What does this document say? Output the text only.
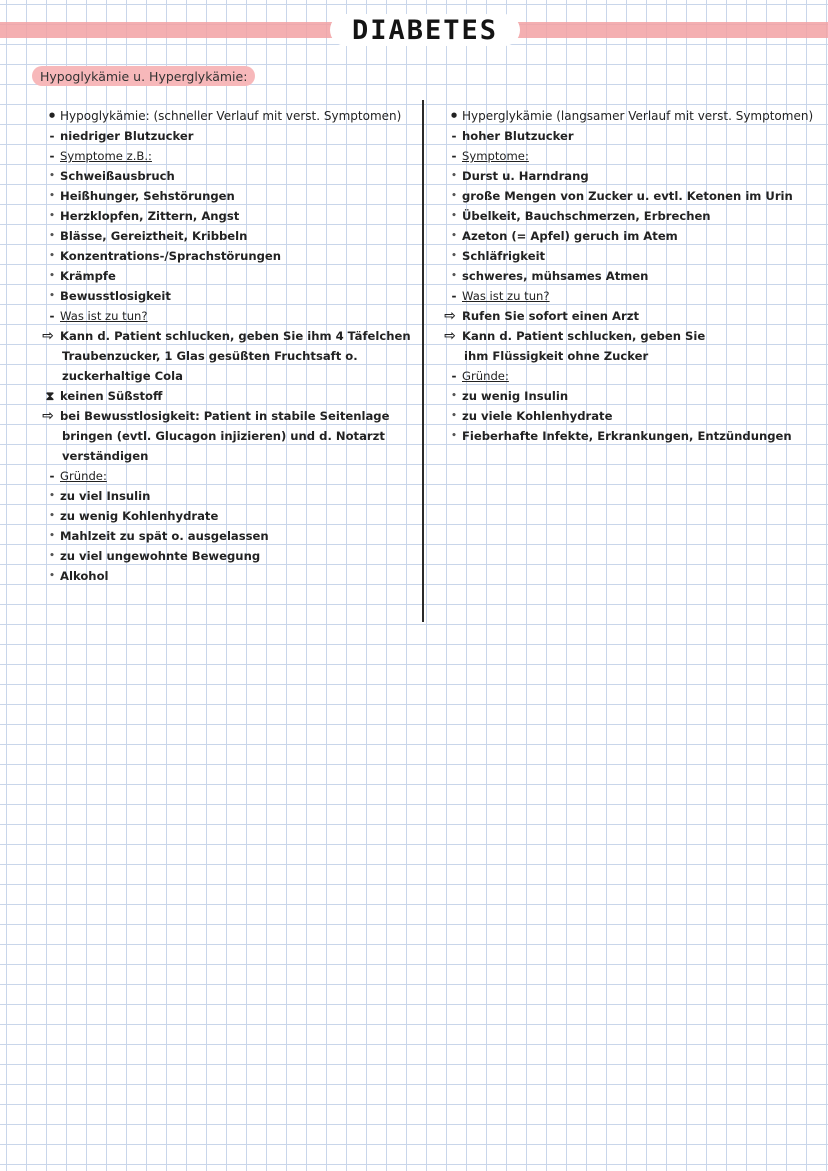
DIABETES
Hypoglykämie u. Hyperglykämie:
• Hypoglykämie: (schneller Verlauf mit verst. Symptomen)
- niedriger Blutzucker
- Symptome z.B.:
• Schweißausbruch
• Heißhunger, Sehstörungen
• Herzklopfen, Zittern, Angst
• Blässe, Gereiztheit, Kribbeln
• Konzentrations-/Sprachstörungen
• Krämpfe
• Bewusstlosigkeit
- Was ist zu tun?
⇨ Kann d. Patient schlucken, geben Sie ihm 4 Täfelchen
Traubenzucker, 1 Glas gesüßten Fruchtsaft o.
zuckerhaltige Cola
⧗ keinen Süßstoff
⇨ bei Bewusstlosigkeit: Patient in stabile Seitenlage
bringen (evtl. Glucagon injizieren) und d. Notarzt
verständigen
- Gründe:
• zu viel Insulin
• zu wenig Kohlenhydrate
• Mahlzeit zu spät o. ausgelassen
• zu viel ungewohnte Bewegung
• Alkohol
• Hyperglykämie (langsamer Verlauf mit verst. Symptomen)
- hoher Blutzucker
- Symptome:
• Durst u. Harndrang
• große Mengen von Zucker u. evtl. Ketonen im Urin
• Übelkeit, Bauchschmerzen, Erbrechen
• Azeton (= Apfel) geruch im Atem
• Schläfrigkeit
• schweres, mühsames Atmen
- Was ist zu tun?
⇨ Rufen Sie sofort einen Arzt
⇨ Kann d. Patient schlucken, geben Sie
ihm Flüssigkeit ohne Zucker
- Gründe:
• zu wenig Insulin
• zu viele Kohlenhydrate
• Fieberhafte Infekte, Erkrankungen, Entzündungen
